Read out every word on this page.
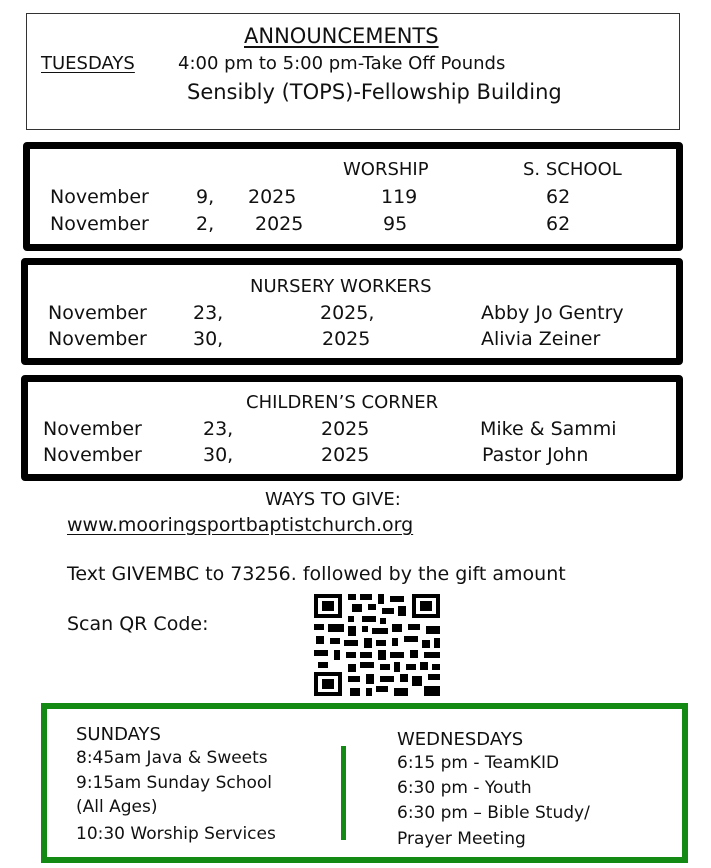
ANNOUNCEMENTS
TUESDAYS 4:00 pm to 5:00 pm-Take Off Pounds
Sensibly (TOPS)-Fellowship Building
WORSHIP	S. SCHOOL
November 9, 2025	119	62
November 2, 2025	95	62
NURSERY WORKERS
November 23,	2025,	Abby Jo Gentry
November 30,	2025	Alivia Zeiner
CHILDREN’S CORNER
November	23,	2025	Mike & Sammi
November	30,	2025	Pastor John
WAYS TO GIVE:
www.mooringsportbaptistchurch.org
Text GIVEMBC to 73256. followed by the gift amount
Scan QR Code:
SUNDAYS
8:45am Java & Sweets
9:15am Sunday School
(All Ages)
10:30 Worship Services
WEDNESDAYS
6:15 pm - TeamKID
6:30 pm - Youth
6:30 pm – Bible Study/
Prayer Meeting
